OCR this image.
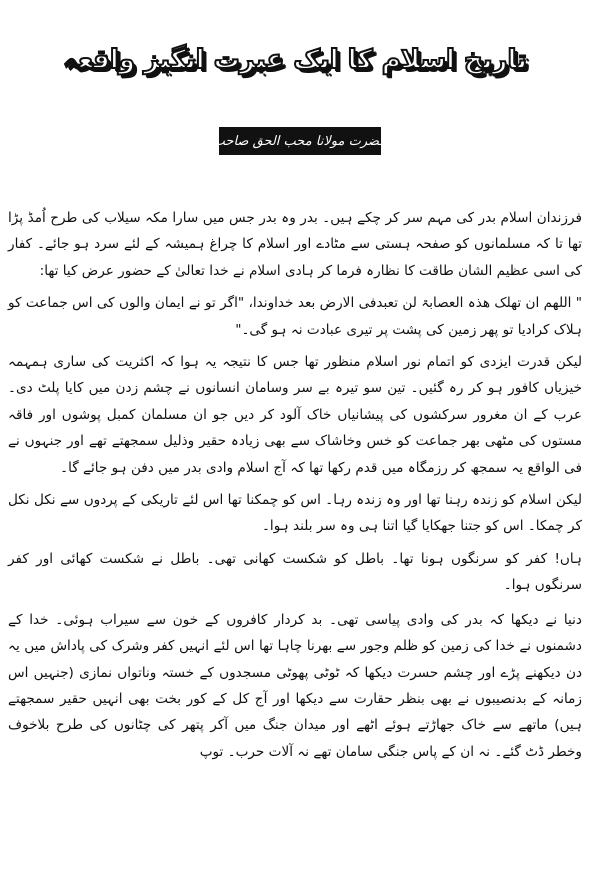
تاریخ اسلام کا ایک عبرت انگیز واقعہ
حضرت مولانا محب الحق صاحب

فرزندان اسلام بدر کی مہم سر کر چکے ہیں۔ بدر وہ بدر جس میں سارا مکہ سیلاب کی طرح اُمڈ پڑا تھا تا کہ مسلمانوں کو صفحہ ہستی سے مٹادے اور اسلام کا چراغ ہمیشہ کے لئے سرد ہو جائے۔ کفار کی اسی عظیم الشان طاقت کا نظارہ فرما کر ہادی اسلام نے خدا تعالیٰ کے حضور عرض کیا تھا:

" اللھم ان تھلک ھذہ العصابۃ لن تعبدفی الارض بعد خداوندا، "اگر تو نے ایمان والوں کی اس جماعت کو ہلاک کرادیا تو پھر زمین کی پشت پر تیری عبادت نہ ہو گی۔"

لیکن قدرت ایزدی کو اتمام نور اسلام منظور تھا جس کا نتیجہ یہ ہوا کہ اکثریت کی ساری ہمہمہ خیزیاں کافور ہو کر رہ گئیں۔ تین سو تیرہ بے سر وسامان انسانوں نے چشم زدن میں کایا پلٹ دی۔ عرب کے ان مغرور سرکشوں کی پیشانیاں خاک آلود کر دیں جو ان مسلمان کمبل پوشوں اور فاقہ مستوں کی مٹھی بھر جماعت کو خس وخاشاک سے بھی زیادہ حقیر وذلیل سمجھتے تھے اور جنہوں نے فی الواقع یہ سمجھ کر رزمگاہ میں قدم رکھا تھا کہ آج اسلام وادی بدر میں دفن ہو جائے گا۔

لیکن اسلام کو زندہ رہنا تھا اور وہ زندہ رہا۔ اس کو چمکنا تھا اس لئے تاریکی کے پردوں سے نکل نکل کر چمکا۔ اس کو جتنا جھکایا گیا اتنا ہی وہ سر بلند ہوا۔

ہاں! کفر کو سرنگوں ہونا تھا۔ باطل کو شکست کھانی تھی۔ باطل نے شکست کھائی اور کفر سرنگوں ہوا۔

دنیا نے دیکھا کہ بدر کی وادی پیاسی تھی۔ بد کردار کافروں کے خون سے سیراب ہوئی۔ خدا کے دشمنوں نے خدا کی زمین کو ظلم وجور سے بھرنا چاہا تھا اس لئے انہیں کفر وشرک کی پاداش میں یہ دن دیکھنے پڑے اور چشم حسرت دیکھا کہ ٹوٹی پھوٹی مسجدوں کے خستہ وناتواں نمازی (جنہیں اس زمانہ کے بدنصیبوں نے بھی بنظر حقارت سے دیکھا اور آج کل کے کور بخت بھی انہیں حقیر سمجھتے ہیں) ماتھے سے خاک جھاڑتے ہوئے اٹھے اور میدان جنگ میں آکر پتھر کی چٹانوں کی طرح بلاخوف وخطر ڈٹ گئے۔ نہ ان کے پاس جنگی سامان تھے نہ آلات حرب۔ توپ
